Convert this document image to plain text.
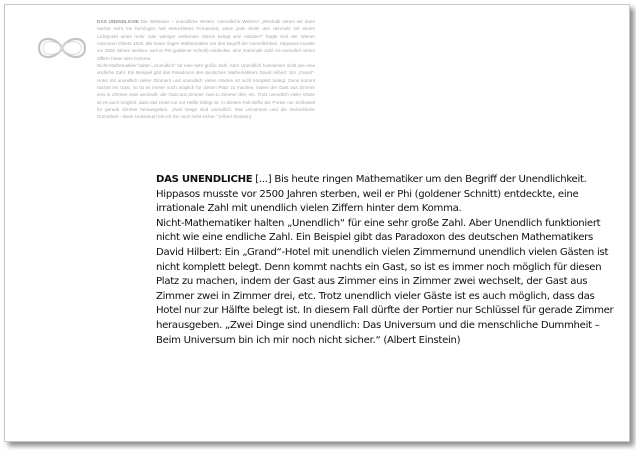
DAS UNENDLICHE Die Weltraum – unendliche Weiten. Unendliche Weiten? „Weshalb sehen wir dann nachts nicht ein formlogen hell erleuchtetes Firmament, wenn jede Stelle des Himmels mit einem Lichtpunkt eines mehr oder weniger entfernten Sterns belegt sein müsste?“ fragte sich der Wiener Astronom Olbers 1826. Bis heute ringen Mathematiker um den Begriff der Unendlichkeit. Hippasos musste vor 2500 Jahren sterben, weil er Phi (goldener Schnitt) entdeckte, eine irrationale Zahl mit unendlich vielen Ziffern hinter dem Komma.

Nicht-Mathematiker halten „Unendlich“ für eine sehr große Zahl. Aber Unendlich funktioniert nicht wie eine endliche Zahl. Ein Beispiel gibt das Paradoxon des deutschen Mathematikers David Hilbert: Ein „Grand“-Hotel mit unendlich vielen Zimmern und unendlich vielen Gästen ist nicht komplett belegt. Denn kommt nachts ein Gast, so ist es immer noch möglich für diesen Platz zu machen, indem der Gast aus Zimmer eins in Zimmer zwei wechselt, der Gast aus Zimmer zwei in Zimmer drei, etc. Trotz unendlich vieler Gäste ist es auch möglich, dass das Hotel nur zur Hälfte belegt ist. In diesem Fall dürfte der Portier nur Schlüssel für gerade Zimmer herausgeben. „Zwei Dinge sind unendlich: Das Universum und die menschliche Dummheit – Beim Universum bin ich mir noch nicht sicher.“ (Albert Einstein)

DAS UNENDLICHE [...] Bis heute ringen Mathematiker um den Begriff der Unendlichkeit. Hippasos musste vor 2500 Jahren sterben, weil er Phi (goldener Schnitt) entdeckte, eine irrationale Zahl mit unendlich vielen Ziffern hinter dem Komma.

Nicht-Mathematiker halten „Unendlich“ für eine sehr große Zahl. Aber Unendlich funktioniert nicht wie eine endliche Zahl. Ein Beispiel gibt das Paradoxon des deutschen Mathematikers David Hilbert: Ein „Grand“-Hotel mit unendlich vielen Zimmernund unendlich vielen Gästen ist nicht komplett belegt. Denn kommt nachts ein Gast, so ist es immer noch möglich für diesen Platz zu machen, indem der Gast aus Zimmer eins in Zimmer zwei wechselt, der Gast aus Zimmer zwei in Zimmer drei, etc. Trotz unendlich vieler Gäste ist es auch möglich, dass das Hotel nur zur Hälfte belegt ist. In diesem Fall dürfte der Portier nur Schlüssel für gerade Zimmer herausgeben. „Zwei Dinge sind unendlich: Das Universum und die menschliche Dummheit – Beim Universum bin ich mir noch nicht sicher.“ (Albert Einstein)
